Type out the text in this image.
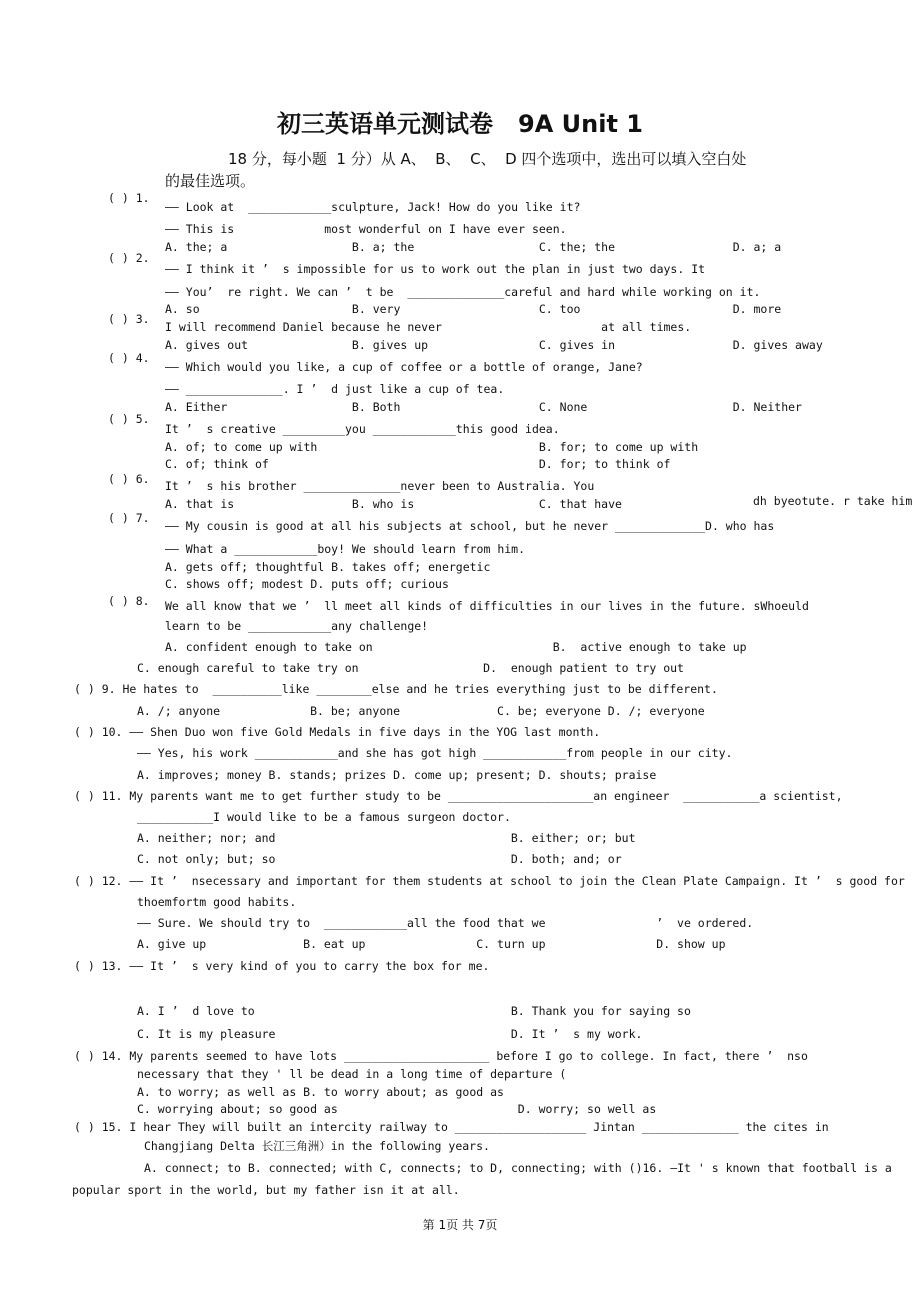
初三英语单元测试卷   9A Unit 1
18 分，每小题  1 分）从 A、  B、  C、  D 四个选项中，选出可以填入空白处
的最佳选项。
( ) 1.
—— Look at  ____________sculpture, Jack! How do you like it?
—— This is             most wonderful on I have ever seen.
A. the; a                  B. a; the                  C. the; the                 D. a; a
( ) 2.
—— I think it ’  s impossible for us to work out the plan in just two days. It
—— You’  re right. We can ’  t be  ______________careful and hard while working on it.
A. so                      B. very                    C. too                      D. more
( ) 3.
I will recommend Daniel because he never                       at all times.
A. gives out               B. gives up                C. gives in                 D. gives away
( ) 4.
—— Which would you like, a cup of coffee or a bottle of orange, Jane?
—— ______________. I ’  d just like a cup of tea.
A. Either                  B. Both                    C. None                     D. Neither
( ) 5.
It ’  s creative _________you ____________this good idea.
A. of; to come up with                                B. for; to come up with
C. of; think of                                       D. for; to think of
( ) 6. It ’  s his brother ______________never been to Australia. You
A. that is                 B. who is                  C. that have	dh byeotute. r take him
( ) 7.
—— My cousin is good at all his subjects at school, but he never _____________D. who has
—— What a ____________boy! We should learn from him.
A. gets off; thoughtful B. takes off; energetic
C. shows off; modest D. puts off; curious
( ) 8. We all know that we ’  ll meet all kinds of difficulties in our lives in the future. sWhoeuld
learn to be ____________any challenge!
A. confident enough to take on                          B.  active enough to take up
C. enough careful to take try on                  D.  enough patient to try out
( ) 9. He hates to  __________like ________else and he tries everything just to be different.
A. /; anyone             B. be; anyone              C. be; everyone D. /; everyone
( ) 10. —— Shen Duo won five Gold Medals in five days in the YOG last month.
—— Yes, his work ____________and she has got high ____________from people in our city.
A. improves; money B. stands; prizes D. come up; present; D. shouts; praise
( ) 11. My parents want me to get further study to be _____________________an engineer  ___________a scientist,
___________I would like to be a famous surgeon doctor.
A. neither; nor; and                                  B. either; or; but
C. not only; but; so                                  D. both; and; or
( ) 12. —— It ’  nsecessary and important for them students at school to join the Clean Plate Campaign. It ’  s good for
thoemfortm good habits.
—— Sure. We should try to  ____________all the food that we                ’  ve ordered.
A. give up              B. eat up                C. turn up                D. show up
( ) 13. —— It ’  s very kind of you to carry the box for me.
A. I ’  d love to                                     B. Thank you for saying so
C. It is my pleasure                                  D. It ’  s my work.
( ) 14. My parents seemed to have lots _____________________ before I go to college. In fact, there ’  nso
necessary that they ' ll be dead in a long time of departure (
A. to worry; as well as B. to worry about; as good as
C. worrying about; so good as                          D. worry; so well as
( ) 15. I hear They will built an intercity railway to ___________________ Jintan ______________ the cites in
Changjiang Delta 长江三角洲）in the following years.
A. connect; to B. connected; with C, connects; to D, connecting; with ()16. —It ' s known that football is a
popular sport in the world, but my father isn it at all.
第 1页 共 7页
